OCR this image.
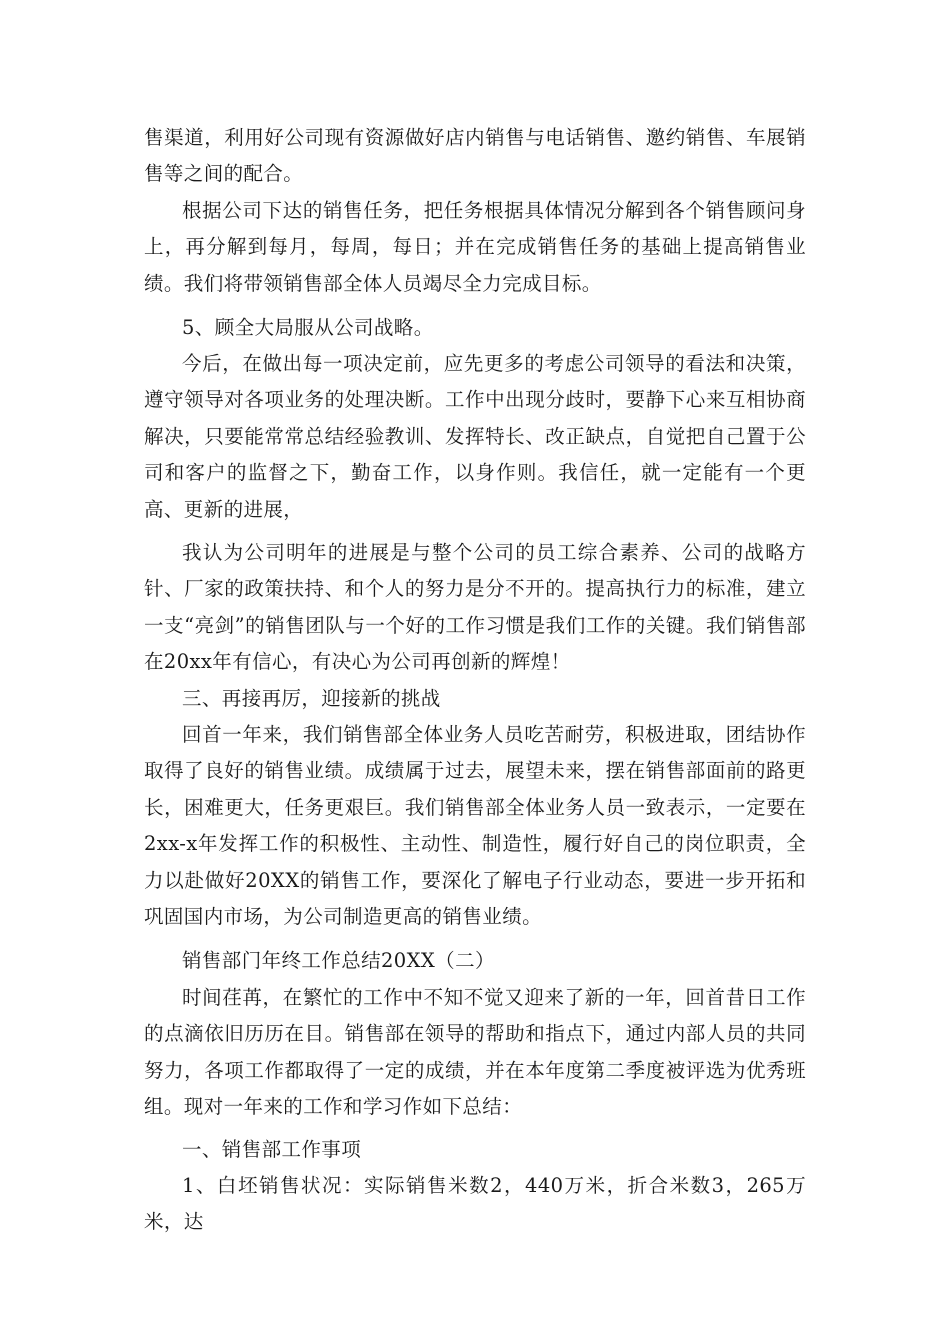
售渠道，利用好公司现有资源做好店内销售与电话销售、邀约销售、车展销售等之间的配合。

根据公司下达的销售任务，把任务根据具体情况分解到各个销售顾问身上，再分解到每月，每周，每日；并在完成销售任务的基础上提高销售业绩。我们将带领销售部全体人员竭尽全力完成目标。

5、顾全大局服从公司战略。

今后，在做出每一项决定前，应先更多的考虑公司领导的看法和决策，遵守领导对各项业务的处理决断。工作中出现分歧时，要静下心来互相协商解决，只要能常常总结经验教训、发挥特长、改正缺点，自觉把自己置于公司和客户的监督之下，勤奋工作，以身作则。我信任，就一定能有一个更高、更新的进展，

我认为公司明年的进展是与整个公司的员工综合素养、公司的战略方针、厂家的政策扶持、和个人的努力是分不开的。提高执行力的标准，建立一支“亮剑”的销售团队与一个好的工作习惯是我们工作的关键。我们销售部在20xx年有信心，有决心为公司再创新的辉煌！

三、再接再厉，迎接新的挑战

回首一年来，我们销售部全体业务人员吃苦耐劳，积极进取，团结协作取得了良好的销售业绩。成绩属于过去，展望未来，摆在销售部面前的路更长，困难更大，任务更艰巨。我们销售部全体业务人员一致表示，一定要在2xx-x年发挥工作的积极性、主动性、制造性，履行好自己的岗位职责，全力以赴做好20XX的销售工作，要深化了解电子行业动态，要进一步开拓和巩固国内市场，为公司制造更高的销售业绩。

销售部门年终工作总结20XX（二）

时间荏苒，在繁忙的工作中不知不觉又迎来了新的一年，回首昔日工作的点滴依旧历历在目。销售部在领导的帮助和指点下，通过内部人员的共同努力，各项工作都取得了一定的成绩，并在本年度第二季度被评选为优秀班组。现对一年来的工作和学习作如下总结：

一、销售部工作事项

1、白坯销售状况：实际销售米数2，440万米，折合米数3，265万米，达
